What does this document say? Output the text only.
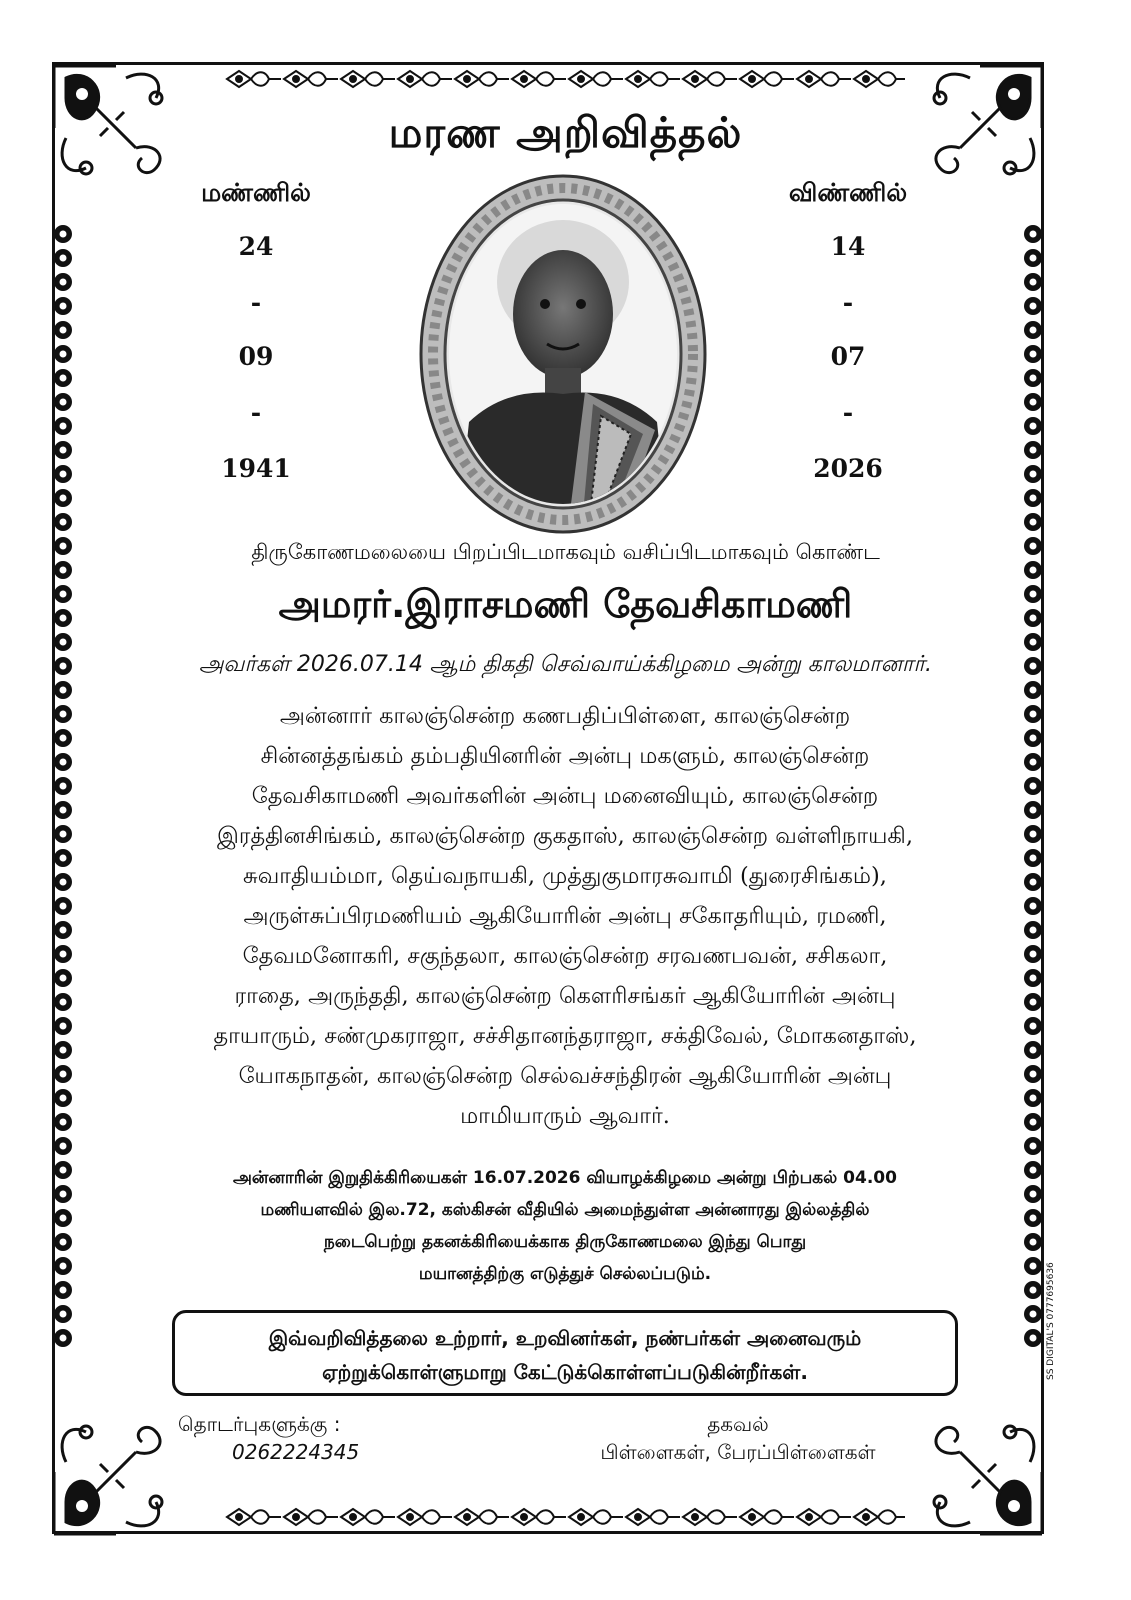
மரண அறிவித்தல்
மண்ணில்
24
-
09
-
1941
விண்ணில்
14
-
07
-
2026
திருகோணமலையை பிறப்பிடமாகவும் வசிப்பிடமாகவும் கொண்ட
அமரர்.இராசமணி தேவசிகாமணி
அவர்கள் 2026.07.14 ஆம் திகதி செவ்வாய்க்கிழமை அன்று காலமானார்.
அன்னார் காலஞ்சென்ற கணபதிப்பிள்ளை, காலஞ்சென்ற
சின்னத்தங்கம் தம்பதியினரின் அன்பு மகளும், காலஞ்சென்ற
தேவசிகாமணி அவர்களின் அன்பு மனைவியும், காலஞ்சென்ற
இரத்தினசிங்கம், காலஞ்சென்ற குகதாஸ், காலஞ்சென்ற வள்ளிநாயகி,
சுவாதியம்மா, தெய்வநாயகி, முத்துகுமாரசுவாமி (துரைசிங்கம்),
அருள்சுப்பிரமணியம் ஆகியோரின் அன்பு சகோதரியும், ரமணி,
தேவமனோகரி, சகுந்தலா, காலஞ்சென்ற சரவணபவன், சசிகலா,
ராதை, அருந்ததி, காலஞ்சென்ற கௌரிசங்கர் ஆகியோரின் அன்பு
தாயாரும், சண்முகராஜா, சச்சிதானந்தராஜா, சக்திவேல், மோகனதாஸ்,
யோகநாதன், காலஞ்சென்ற செல்வச்சந்திரன் ஆகியோரின் அன்பு
மாமியாரும் ஆவார்.
அன்னாரின் இறுதிக்கிரியைகள் 16.07.2026 வியாழக்கிழமை அன்று பிற்பகல் 04.00
மணியளவில் இல.72, கஸ்கிசன் வீதியில் அமைந்துள்ள அன்னாரது இல்லத்தில்
நடைபெற்று தகனக்கிரியைக்காக திருகோணமலை இந்து பொது
மயானத்திற்கு எடுத்துச் செல்லப்படும்.
இவ்வறிவித்தலை உற்றார், உறவினர்கள், நண்பர்கள் அனைவரும்
ஏற்றுக்கொள்ளுமாறு கேட்டுக்கொள்ளப்படுகின்றீர்கள்.
தொடர்புகளுக்கு :
0262224345
தகவல்
பிள்ளைகள், பேரப்பிள்ளைகள்
SS DIGITAL'S 0777695636
